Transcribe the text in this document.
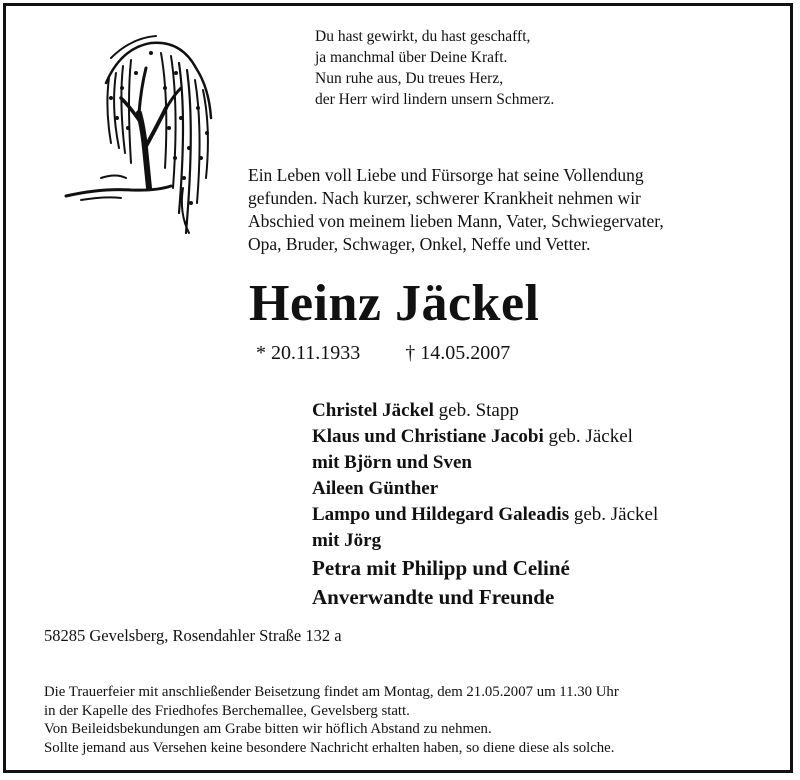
Du hast gewirkt, du hast geschafft,
ja manchmal über Deine Kraft.
Nun ruhe aus, Du treues Herz,
der Herr wird lindern unsern Schmerz.
Ein Leben voll Liebe und Fürsorge hat seine Vollendung
gefunden. Nach kurzer, schwerer Krankheit nehmen wir
Abschied von meinem lieben Mann, Vater, Schwiegervater,
Opa, Bruder, Schwager, Onkel, Neffe und Vetter.
Heinz Jäckel
* 20.11.1933 † 14.05.2007
Christel Jäckel geb. Stapp
Klaus und Christiane Jacobi geb. Jäckel
mit Björn und Sven
Aileen Günther
Lampo und Hildegard Galeadis geb. Jäckel
mit Jörg
Petra mit Philipp und Celiné
Anverwandte und Freunde
58285 Gevelsberg, Rosendahler Straße 132 a
Die Trauerfeier mit anschließender Beisetzung findet am Montag, dem 21.05.2007 um 11.30 Uhr
in der Kapelle des Friedhofes Berchemallee, Gevelsberg statt.
Von Beileidsbekundungen am Grabe bitten wir höflich Abstand zu nehmen.
Sollte jemand aus Versehen keine besondere Nachricht erhalten haben, so diene diese als solche.
